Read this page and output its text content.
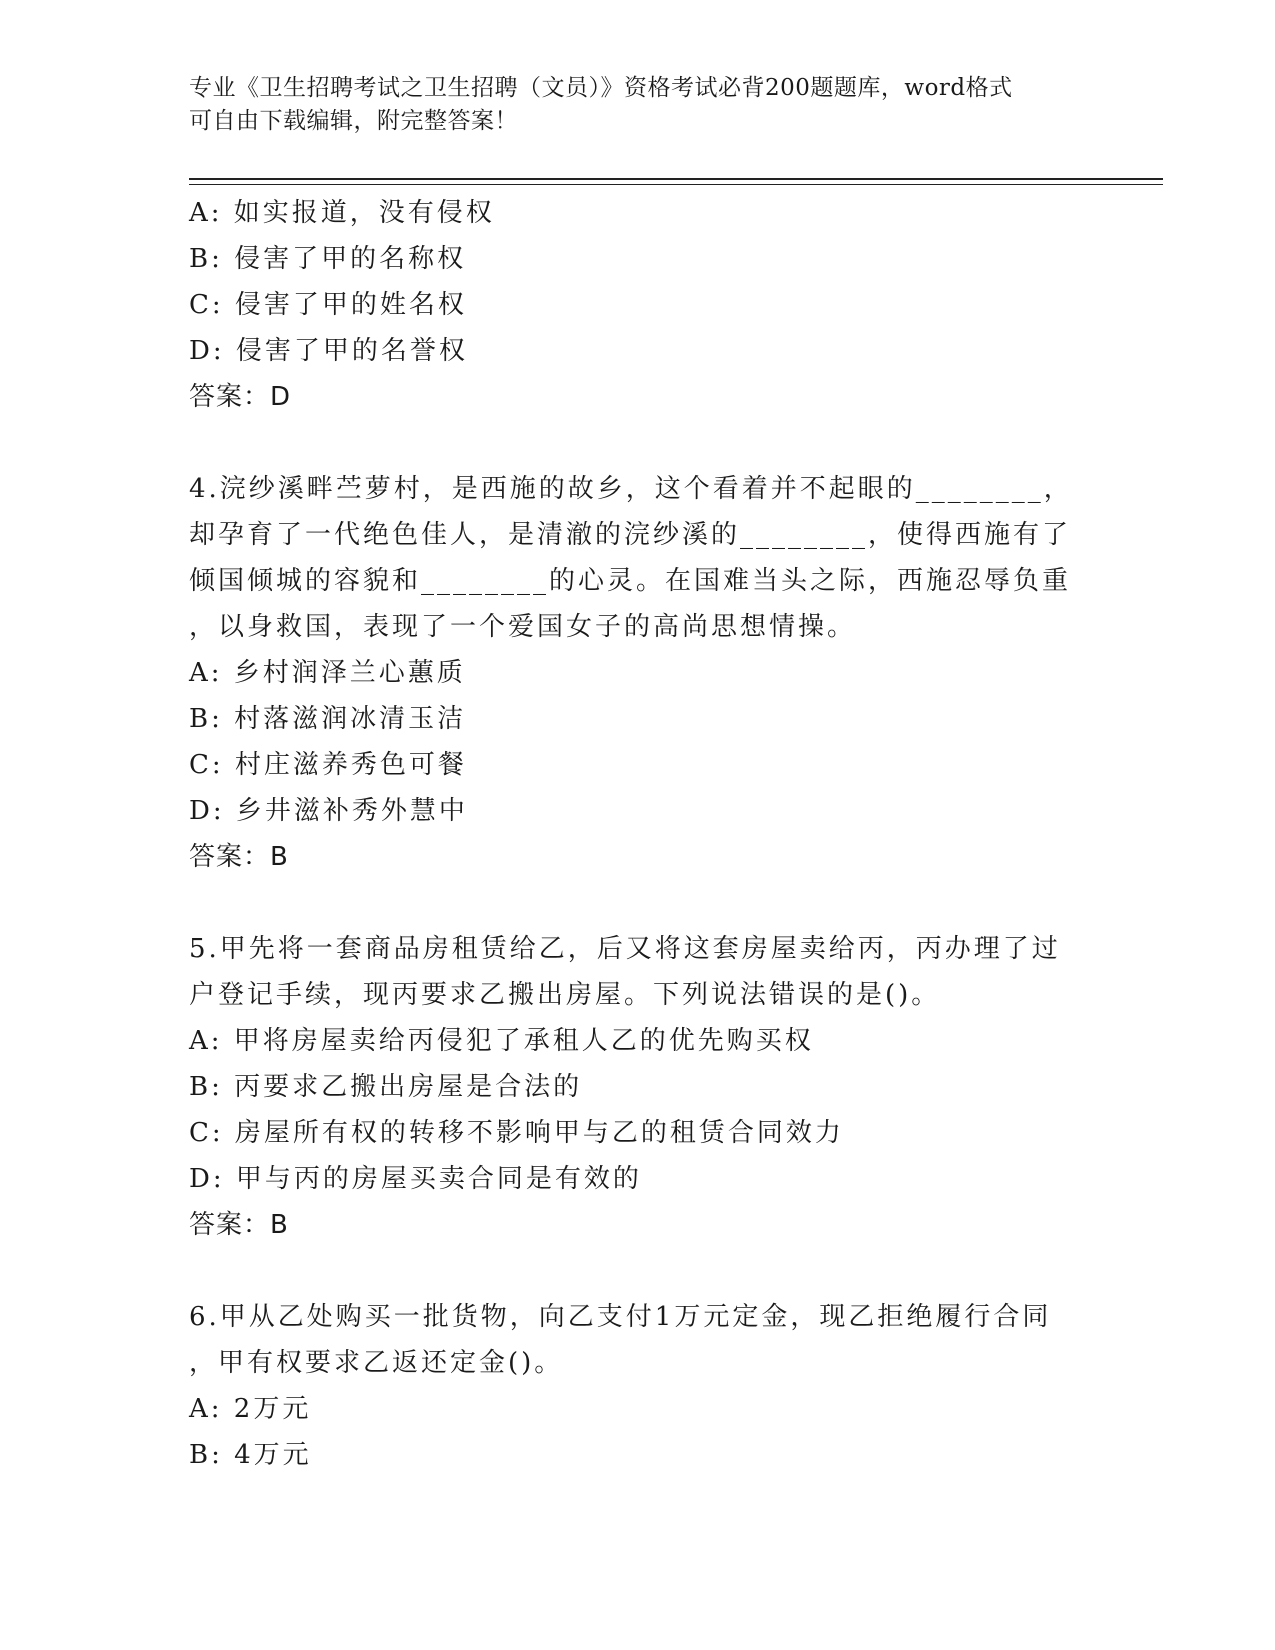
专业《卫生招聘考试之卫生招聘（文员）》资格考试必背200题题库，word格式
可自由下载编辑，附完整答案！
A: 如实报道，没有侵权
B: 侵害了甲的名称权
C: 侵害了甲的姓名权
D: 侵害了甲的名誉权
答案：D
4.浣纱溪畔苎萝村，是西施的故乡，这个看着并不起眼的________，
却孕育了一代绝色佳人，是清澈的浣纱溪的________，使得西施有了
倾国倾城的容貌和________的心灵。在国难当头之际，西施忍辱负重
，以身救国，表现了一个爱国女子的高尚思想情操。
A: 乡村润泽兰心蕙质
B: 村落滋润冰清玉洁
C: 村庄滋养秀色可餐
D: 乡井滋补秀外慧中
答案：B
5.甲先将一套商品房租赁给乙，后又将这套房屋卖给丙，丙办理了过
户登记手续，现丙要求乙搬出房屋。下列说法错误的是()。
A: 甲将房屋卖给丙侵犯了承租人乙的优先购买权
B: 丙要求乙搬出房屋是合法的
C: 房屋所有权的转移不影响甲与乙的租赁合同效力
D: 甲与丙的房屋买卖合同是有效的
答案：B
6.甲从乙处购买一批货物，向乙支付1万元定金，现乙拒绝履行合同
，甲有权要求乙返还定金()。
A: 2万元
B: 4万元
